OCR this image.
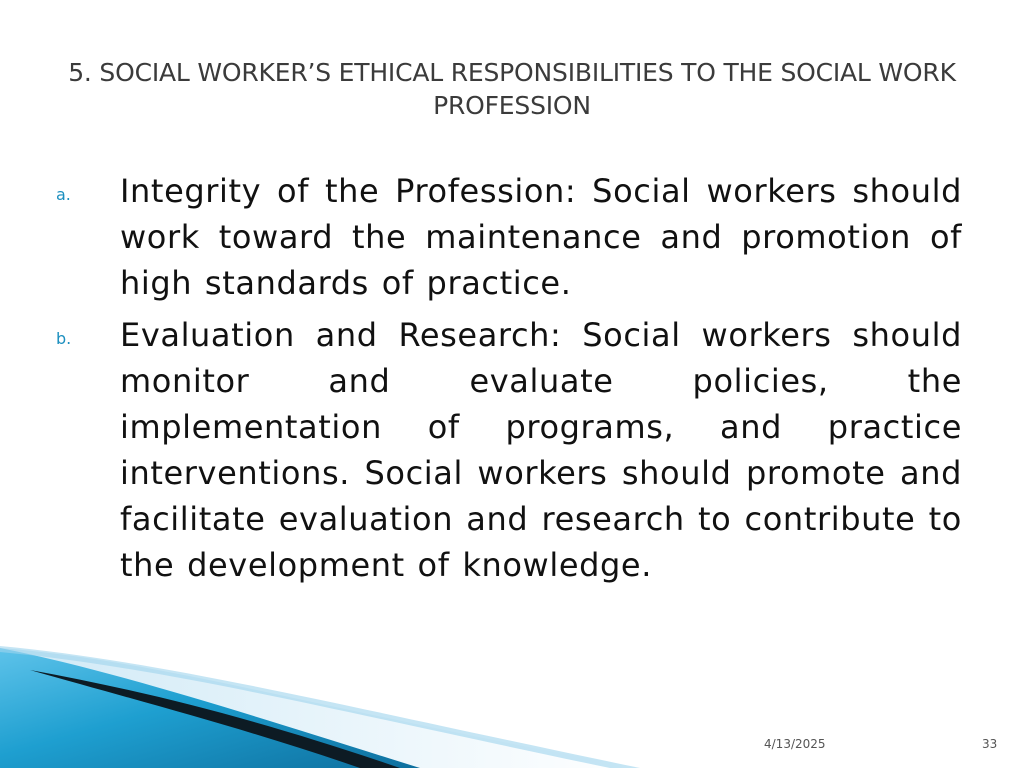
5. SOCIAL WORKER’S ETHICAL RESPONSIBILITIES TO THE SOCIAL WORK PROFESSION
a. Integrity of the Profession: Social workers should work toward the maintenance and promotion of high standards of practice.
b. Evaluation and Research: Social workers should monitor and evaluate policies, the implementation of programs, and practice interventions. Social workers should promote and facilitate evaluation and research to contribute to the development of knowledge.
4/13/2025	33
